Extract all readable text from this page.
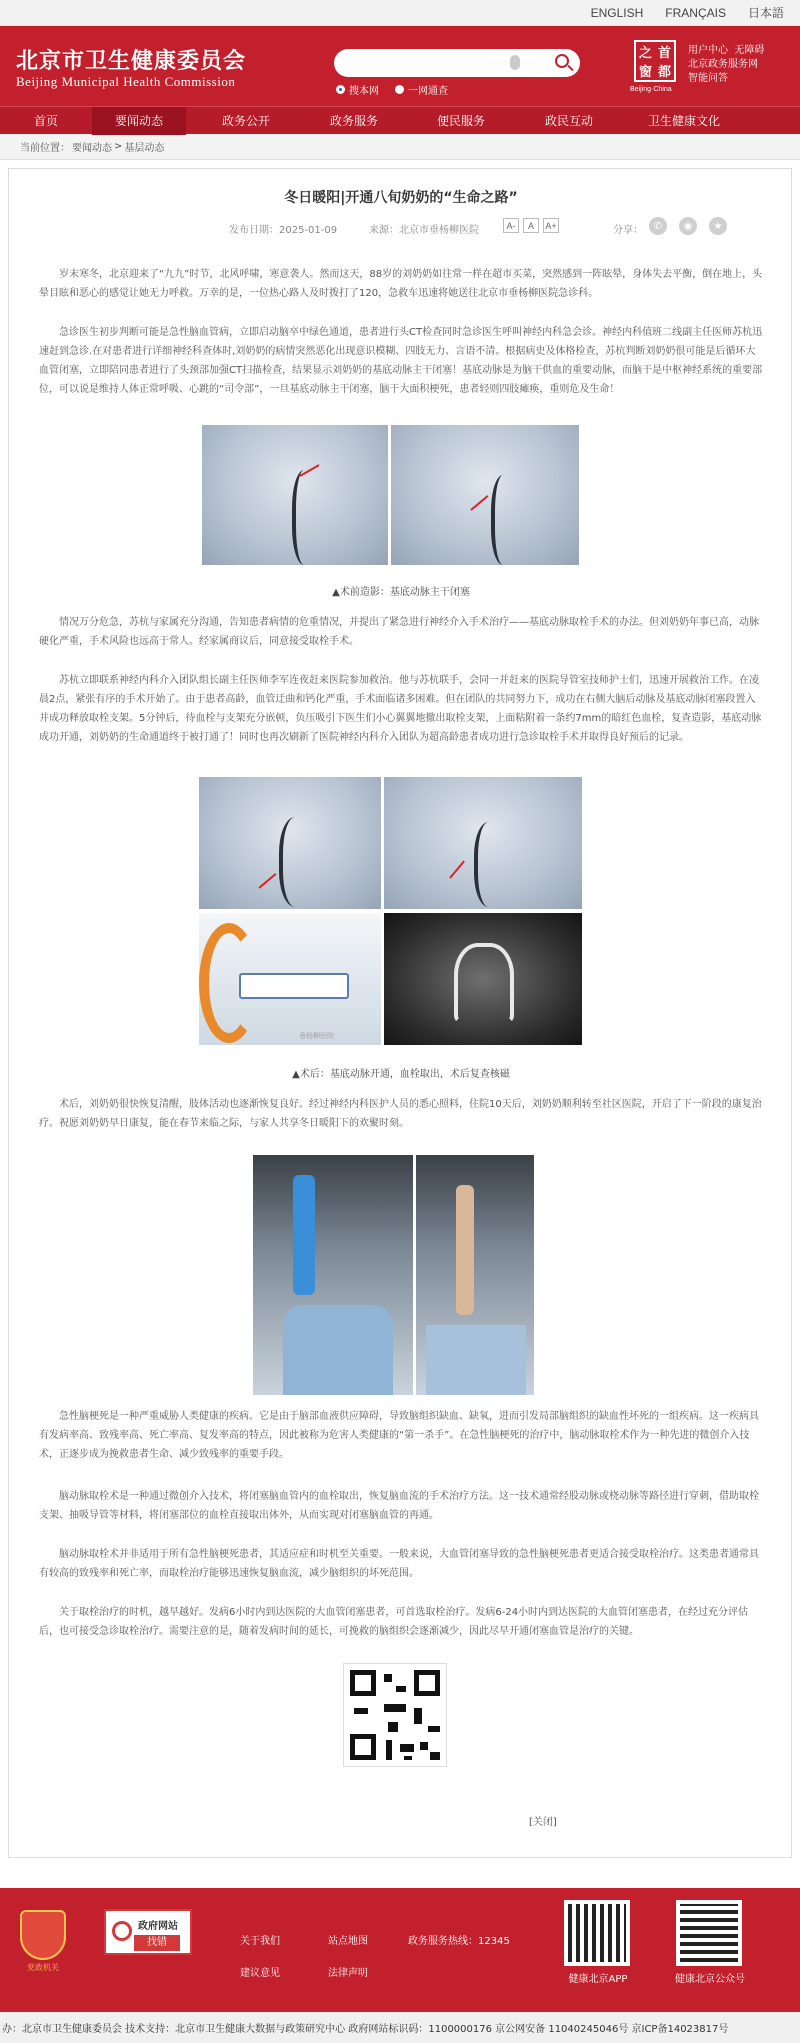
ENGLISH FRANÇAIS 日本語
北京市卫生健康委员会
Beijing Municipal Health Commission
搜本网	一网通查
之 首
窗 都
Beijing·China
用户中心 无障碍
北京政务服务网
智能问答
首页	要闻动态	政务公开	政务服务	便民服务	政民互动	卫生健康文化
当前位置： 要闻动态 > 基层动态
冬日暖阳|开通八旬奶奶的“生命之路”
发布日期：2025-01-09	来源：北京市垂杨柳医院	A-	A	A+	分享：	✆	◉	★

岁末寒冬，北京迎来了“九九”时节，北风呼啸，寒意袭人。然而这天，88岁的刘奶奶如往常一样在超市买菜，突然感到一阵眩晕，身体失去平衡，倒在地上，头晕目眩和恶心的感觉让她无力呼救。万幸的是，一位热心路人及时拨打了120，急救车迅速将她送往北京市垂杨柳医院急诊科。

急诊医生初步判断可能是急性脑血管病，立即启动脑卒中绿色通道，患者进行头CT检查同时急诊医生呼叫神经内科急会诊。神经内科值班二线副主任医师苏杭迅速赶到急诊.在对患者进行详细神经科查体时,刘奶奶的病情突然恶化出现意识模糊、四肢无力、言语不清。根据病史及体格检查，苏杭判断刘奶奶很可能是后循环大血管闭塞，立即陪同患者进行了头颈部加强CT扫描检查，结果显示刘奶奶的基底动脉主干闭塞！基底动脉是为脑干供血的重要动脉，而脑干是中枢神经系统的重要部位，可以说是维持人体正常呼吸、心跳的“司令部”，一旦基底动脉主干闭塞，脑干大面积梗死，患者轻则四肢瘫痪，重则危及生命！

▲术前造影：基底动脉主干闭塞

情况万分危急，苏杭与家属充分沟通，告知患者病情的危重情况，并提出了紧急进行神经介入手术治疗——基底动脉取栓手术的办法。但刘奶奶年事已高，动脉硬化严重，手术风险也远高于常人。经家属商议后，同意接受取栓手术。

苏杭立即联系神经内科介入团队组长副主任医师李军连夜赶来医院参加救治。他与苏杭联手，会同一并赶来的医院导管室技师护士们，迅速开展救治工作。在凌晨2点，紧张有序的手术开始了。由于患者高龄，血管迂曲和钙化严重，手术面临诸多困难。但在团队的共同努力下，成功在右侧大脑后动脉及基底动脉闭塞段置入并成功释放取栓支架。5分钟后，待血栓与支架充分嵌顿，负压吸引下医生们小心翼翼地撤出取栓支架，上面粘附着一条约7mm的暗红色血栓，复查造影，基底动脉成功开通，刘奶奶的生命通道终于被打通了！同时也再次刷新了医院神经内科介入团队为超高龄患者成功进行急诊取栓手术并取得良好预后的记录。

垂杨柳医院
▲术后：基底动脉开通，血栓取出，术后复查核磁

术后，刘奶奶很快恢复清醒，肢体活动也逐渐恢复良好。经过神经内科医护人员的悉心照料，住院10天后，刘奶奶顺利转至社区医院，开启了下一阶段的康复治疗。祝愿刘奶奶早日康复，能在春节来临之际，与家人共享冬日暖阳下的欢聚时刻。

急性脑梗死是一种严重威胁人类健康的疾病。它是由于脑部血液供应障碍，导致脑组织缺血、缺氧，进而引发局部脑组织的缺血性坏死的一组疾病。这一疾病具有发病率高、致残率高、死亡率高、复发率高的特点，因此被称为危害人类健康的“第一杀手”。在急性脑梗死的治疗中，脑动脉取栓术作为一种先进的微创介入技术，正逐步成为挽救患者生命、减少致残率的重要手段。

脑动脉取栓术是一种通过微创介入技术，将闭塞脑血管内的血栓取出，恢复脑血流的手术治疗方法。这一技术通常经股动脉或桡动脉等路径进行穿刺，借助取栓支架、抽吸导管等材料，将闭塞部位的血栓直接取出体外，从而实现对闭塞脑血管的再通。

脑动脉取栓术并非适用于所有急性脑梗死患者，其适应症和时机至关重要。一般来说，大血管闭塞导致的急性脑梗死患者更适合接受取栓治疗。这类患者通常具有较高的致残率和死亡率，而取栓治疗能够迅速恢复脑血流，减少脑组织的坏死范围。

关于取栓治疗的时机，越早越好。发病6小时内到达医院的大血管闭塞患者，可首选取栓治疗。发病6-24小时内到达医院的大血管闭塞患者，在经过充分评估后，也可接受急诊取栓治疗。需要注意的是，随着发病时间的延长，可挽救的脑组织会逐渐减少，因此尽早开通闭塞血管是治疗的关键。

[关闭]
党政机关
政府网站
找错	关于我们	站点地图	政务服务热线：12345
建议意见	法律声明
健康北京APP	健康北京公众号
办：北京市卫生健康委员会 技术支持：北京市卫生健康大数据与政策研究中心 政府网站标识码：1100000176 京公网安备 11040245046号 京ICP备14023817号
